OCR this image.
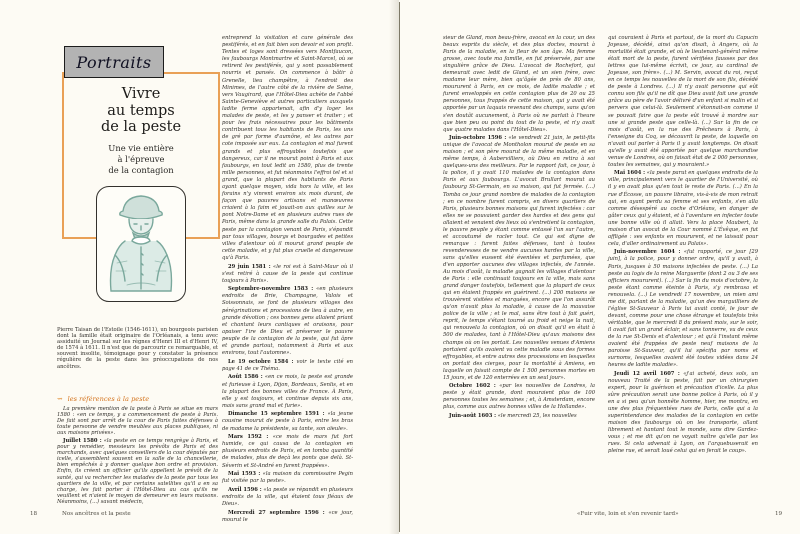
Portraits
Vivre
au temps
de la peste

Une vie entière
à l'épreuve
de la contagion

Pierre Taisan de l'Estoile (1546-1611), un bourgeois parisien dont la famille était originaire de l'Orléanais, a tenu avec assiduité un Journal sur les règnes d'Henri III et d'Henri IV, de 1574 à 1611. Il n'est que de parcourir ce remarquable, et souvent insolite, témoignage pour y constater la présence régulière de la peste dans les préoccupations de nos ancêtres.

⇝ les références à la peste

La première mention de la peste à Paris se situe en mars 1580 : «en ce temps, y a commencement de peste à Paris. De fait sont par arrêt de la cour de Paris faites défenses à toute personne de vendre meubles aux places publiques, ni aux maisons privées».

Juillet 1580 : «la peste en ce temps rengrège à Paris, et pour y remédier, messieurs les prévôts de Paris et des marchands, avec quelques conseillers de la cour députés par icelle, s'assemblent souvent en la salle de la chancellerie, bien empêchés à y donner quelque bon ordre et provision. Enfin, ils créent un officier qu'ils appellent le prévôt de la santé, qui va rechercher les malades de la peste par tous les quartiers de la ville, et par certains satellites qu'il a en sa charge, les fait porter à l'Hôtel-Dieu au cas qu'ils ne veuillent et n'aient le moyen de demeurer en leurs maisons. Néanmoins, (...) savant médecin,

entreprend la visitation et cure générale des pestiférés, et en fait bien son devoir et son profit. Tentes et loges sont dressées vers Montfaucon, les faubourgs Montmartre et Saint-Marcel, où se retirent les pestiférés, qui y sont passablement nourris et pansés. On commence à bâtir à Grenelle, lieu champêtre, à l'endroit des Minimes, de l'autre côté de la rivière de Seine, vers Vaugirard, que l'Hôtel-Dieu achète de l'abbé Sainte-Geneviève et autres particuliers auxquels ladite ferme appartenait, afin d'y loger les malades de peste, et les y panser et traiter ; et pour les frais nécessaires pour les bâtiments contribuent tous les habitants de Paris, les uns de gré par forme d'aumône, et les autres par cote imposée sur eux. La contagion et mal furent grands et plus effroyables toutefois que dangereux, car il ne mourut point à Paris et aux faubourgs, en tout ledit an 1580, plus de trente mille personnes, et fut néanmoins l'effroi tel et si grand, que la plupart des habitants de Paris ayant quelque moyen, vida hors la ville, et les forains n'y vinrent environ six mois durant, de façon que pauvres artisans et manœuvres criaient à la faim et jouait-on aux quilles sur le pont Notre-Dame et en plusieurs autres rues de Paris, même dans la grande salle du Palais. Cette peste par la contagion venant de Paris, s'épandit par tous villages, bourgs et bourgades et petites villes d'alentour où il mourut grand peuple de cette maladie, et y fut plus cruelle et dangereuse qu'à Paris.

29 juin 1581 : «le roi est à Saint-Maur où il s'est retiré à cause de la peste qui continue toujours à Paris».

Septembre-novembre 1583 : «en plusieurs endroits de Brie, Champagne, Valois et Soissonnais, se font de plusieurs villages des pérégrinations et processions de lieu à autre, en grande dévotion ; ces bonnes gens allaient priant et chantant leurs cantiques et oraisons, pour apaiser l'ire de Dieu et préserver le pauvre peuple de la contagion de la peste, qui fut âpre et grande partout, notamment à Paris et aux environs, tout l'automne».

Le 19 octobre 1584 : voir le texte cité en page 41 de ce Théma.

Août 1586 : «en ce mois, la peste est grande et furieuse à Lyon, Dijon, Bordeaux, Senlis, et en la plupart des bonnes villes de France. À Paris, elle y est toujours, et continue depuis six ans, mais sans grand mal et furie».

Dimanche 15 septembre 1591 : «la jeune cousine mourut de peste à Paris, entre les bras de madame la présidente, sa tante, son aïeule».

Mars 1592 : «ce mois de mars fut fort humide, ce qui causa de la contagion en plusieurs endroits de Paris, et en tomba quantité de malades, plus de deçà les ponts que delà. St-Séverin et St-André en furent frappées».

Mai 1593 : «la maison du commissaire Pegin fut visitée par la peste».

Avril 1596 : «la peste se répandit en plusieurs endroits de la ville, qui étaient tous fléaux de Dieu».

Mercredi 27 septembre 1596 : «ce jour, mourut le

18	Nos ancêtres et la peste

sieur de Gland, mon beau-frère, avocat en la cour, un des beaux esprits du siècle, et des plus doctes, mourut à Paris de la maladie, en la fleur de son âge. Ma femme grosse, avec toute ma famille, en fut préservée, par une singulière grâce de Dieu. L'avocat de Rochefort, qui demeurait avec ledit de Gland, et un sien frère, avec madame leur mère, bien qu'âgée de près de 80 ans, moururent à Paris, en ce mois, de ladite maladie ; et furent enveloppés en cette contagion plus de 20 ou 25 personnes, tous frappés de cette maison, qui y avait été apportée par un laquais revenant des champs, sans qu'on s'en doutât aucunement, à Paris où ne parlait à l'heure que bien peu ou point du tout de la peste, et n'y avait que quatre malades dans l'Hôtel-Dieu».

Juin-octobre 1596 : «le vendredi 21 juin, le petit-fils unique de l'avocat de Montholon mourut de peste en sa maison ; et son père mourut de la même maladie, et en même temps, à Aubervilliers, où Dieu en retira à soi quelques-uns des meilleurs. Par le rapport fait, ce jour, à la police, il y avait 110 malades de la contagion dans Paris et aux faubourgs. L'avocat Brullart mourut au faubourg St-Germain, en sa maison, qui fut fermée. (...) Tomba ce jour grand nombre de malades de la contagion ; en ce nombre furent compris, en divers quartiers de Paris, plusieurs bonnes maisons qui furent infectées : car elles ne se pouvaient garder des hardes et des gens qui allaient et venaient des lieux où s'entretient la contagion, le pauvre peuple y étant comme entassé l'un sur l'autre, et accoutumé de racler tout. Ce qui est digne de remarque : furent faites défenses, tant à toutes revenderesses de ne vendre aucunes hardes par la ville, sans qu'elles eussent été éventées et parfumées, que d'en apporter aucunes des villages infectés, de l'année. Au mois d'août, la maladie gagnait les villages d'alentour de Paris : elle continuait toujours en la ville, mais sans grand danger toutefois, tellement que la plupart de ceux qui en étaient frappés en guérirent. (...) 200 maisons se trouvèrent visitées et marquées, encore que l'on assurât qu'on n'avait plus la maladie, à cause de la mauvaise police de la ville ; et le mal, sans être tout à fait guéri, reprit, le temps s'étant tourné au froid et neige la nuit, qui renouvela la contagion, où on disait qu'il en était à 500 de malades, tant à l'Hôtel-Dieu qu'aux maisons des champs où on les portait. Les nouvelles venues d'Amiens portaient qu'ils avaient vu cette maladie sous des formes effroyables, et entre autres des processions en lesquelles on portait des cierges, pour la mortalité à Amiens, en laquelle on faisait compte de 1 500 personnes mortes en 15 jours, et de 120 enterrées en un seul jour».

Octobre 1602 : «par les nouvelles de Londres, la peste y était grande, dont mouraient plus de 100 personnes toutes les semaines ; et, à Amsterdam, encore plus, comme aux autres bonnes villes de la Hollande».

Juin-août 1603 : «le mercredi 25, les nouvelles

qui couraient à Paris et partout, de la mort du Capucin Joyeuse, décédé, ainsi qu'on disait, à Angers, où la mortalité était grande, et où le lieutenant-général même était mort de la peste, furent vérifiées fausses par des lettres que lui-même écrivit, ce jour, au cardinal de Joyeuse, son frère». (...) M. Servin, avocat du roi, reçut en ce temps les nouvelles de la mort de son fils, décédé de peste à Londres. (...) Il n'y avait personne qui eût connu son fils qu'il ne dît que Dieu avait fait une grande grâce au père de l'avoir délivré d'un enfant si malin et si pervers que celui-là. Seulement s'étonnait-on comme il se pouvait faire que la peste eût trouvé à mordre sur une si grande peste que celle-là. (...) Sur la fin de ce mois d'août, en la rue des Prêcheurs à Paris, à l'enseigne du Coq, se découvrit la peste, de laquelle on n'avait ouï parler à Paris il y avait longtemps. On disait qu'elle y avait été apportée par quelque marchandise venue de Londres, où on faisait état de 2 000 personnes, toutes les semaines, qui y mouraient.»

Mai 1604 : «la peste parut en quelques endroits de la ville, principalement vers le quartier de l'Université, où il y en avait plus qu'en tout le reste de Paris. (...) En la rue d'Écosse, un pauvre libraire, vis-à-vis de mon retrait qui, en ayant perdu sa femme et ses enfants, s'en alla comme désespéré au coche d'Orléans, en danger de gâter ceux qui y étaient, et à l'aventure en infecter toute une bonne ville où il allait. Vers la place Maubert, la maison d'un avocat de la Cour nommé L'Évêque, en fut affligée : ses enfants en moururent, et ne laissait pour cela, d'aller ordinairement au Palais».

Juin-novembre 1604 : «fut rapporté, ce jour [29 juin], à la police, pour y donner ordre, qu'il y avait, à Paris, jusques à 50 maisons infectées de peste. (...) La peste au logis de la reine Marguerite (dont 2 ou 3 de ses officiers moururent). (...) Sur la fin du mois d'octobre, la peste étant comme éteinte à Paris, s'y rembrasa et renouvela. (...) Le vendredi 17 novembre, un mien ami me dit, parlant de la maladie, qu'un des marguilliers de l'église St-Sauveur à Paris lui avait conté, le jour de devant, comme pour une chose étrange et toutefois très véritable, que le mercredi 8 du présent mois, sur le soir, il avait fait un grand éclair, et sans tonnerre, vu de ceux de la rue St-Denis et d'alentour ; et qu'à l'instant même avaient été frappées de peste neuf maisons de la paroisse St-Sauveur, qu'il lui spécifia par noms et surnoms, lesquelles avaient été toutes vidées dans 24 heures de ladite maladie».

Jeudi 12 avril 1607 : «j'ai acheté, deux sols, un nouveau Traité de la peste, fait par un chirurgien expert, pour la guérison et précaution d'icelle. La plus sûre précaution serait une bonne police à Paris, où il y en a si peu qu'un honnête homme, hier, me montra, en une des plus fréquentées rues de Paris, celle qui a la superintendance des malades de la contagion en cette maison des faubourgs où on les transporte, allant librement et hantant tout le monde, sans dire Gardez-vous ; et me dit qu'on ne voyait naître qu'elle par les rues. Si cela advenait à Lyon, on l'arquebuserait en pleine rue, et serait loué celui qui en ferait le coup».

«Fuir vite, loin et s'en revenir tard»	19
